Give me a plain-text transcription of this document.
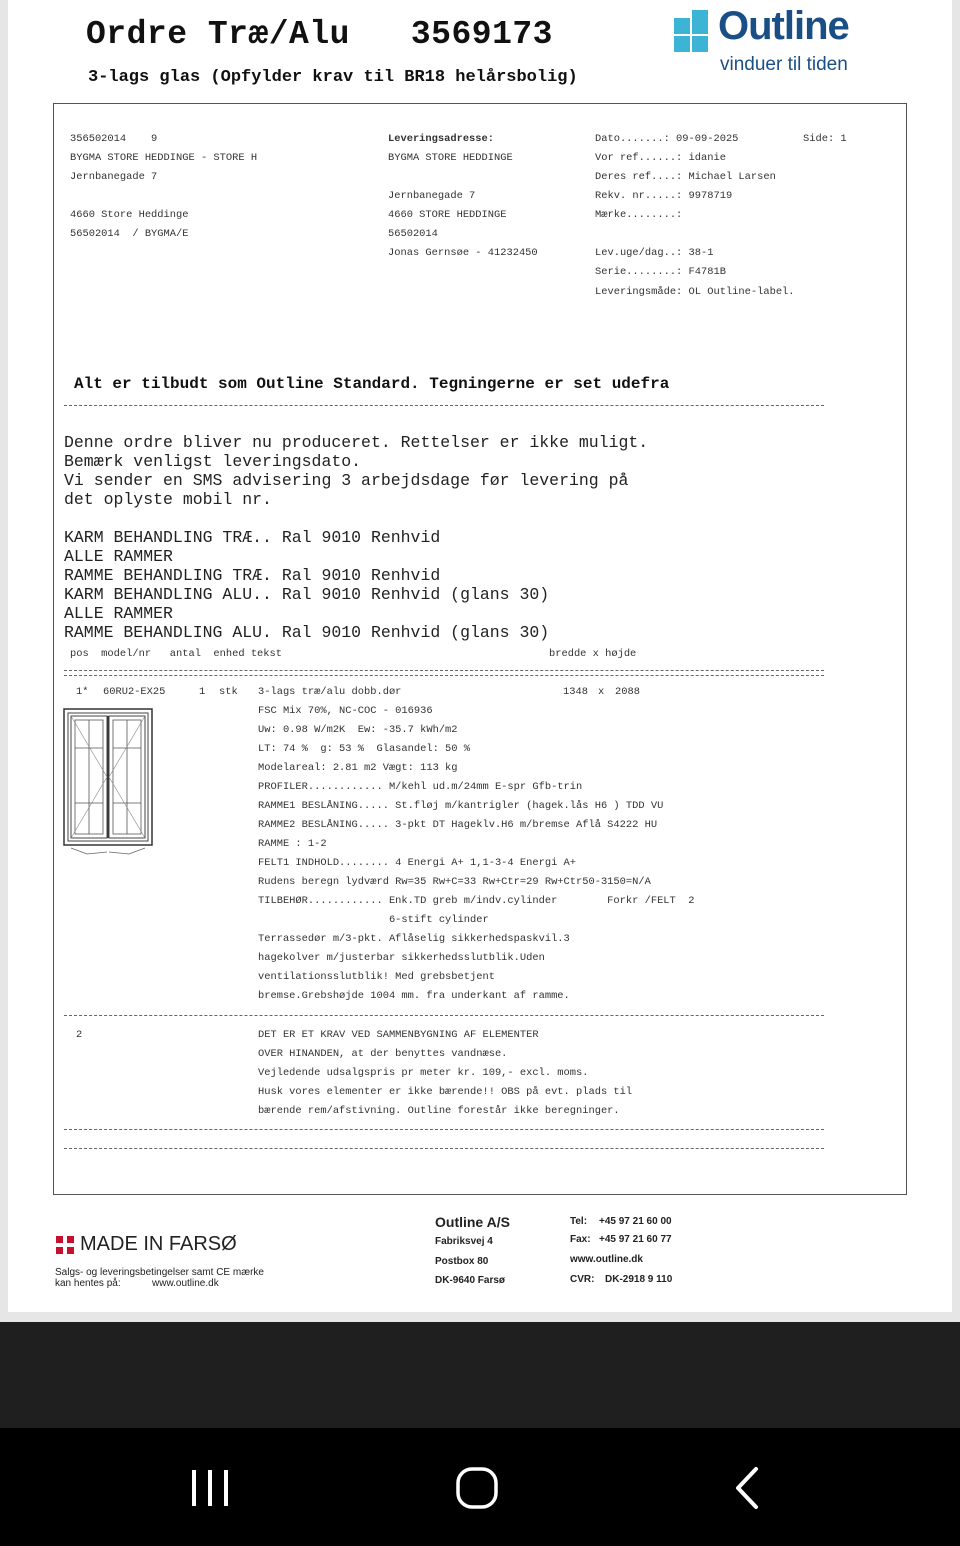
Ordre Træ/Alu   3569173
3-lags glas (Opfylder krav til BR18 helårsbolig)
Outline
vinduer til tiden
356502014    9
BYGMA STORE HEDDINGE - STORE H
Jernbanegade 7
4660 Store Heddinge
56502014  / BYGMA/E
Leveringsadresse:
BYGMA STORE HEDDINGE
Jernbanegade 7
4660 STORE HEDDINGE
56502014
Jonas Gernsøe - 41232450
Dato.......: 09-09-2025	Side: 1
Vor ref......: idanie
Deres ref....: Michael Larsen
Rekv. nr.....: 9978719
Mærke........:
Lev.uge/dag..: 38-1
Serie........: F4781B
Leveringsmåde: OL Outline-label.
Alt er tilbudt som Outline Standard. Tegningerne er set udefra
Denne ordre bliver nu produceret. Rettelser er ikke muligt.
Bemærk venligst leveringsdato.
Vi sender en SMS advisering 3 arbejdsdage før levering på
det oplyste mobil nr.
KARM BEHANDLING TRÆ.. Ral 9010 Renhvid
ALLE RAMMER
RAMME BEHANDLING TRÆ. Ral 9010 Renhvid
KARM BEHANDLING ALU.. Ral 9010 Renhvid (glans 30)
ALLE RAMMER
RAMME BEHANDLING ALU. Ral 9010 Renhvid (glans 30)
pos  model/nr   antal  enhed tekst	bredde x højde
1* 60RU2-EX25	1 stk 3-lags træ/alu dobb.dør	1348 x 2088
FSC Mix 70%, NC-COC - 016936
Uw: 0.98 W/m2K  Ew: -35.7 kWh/m2
LT: 74 %  g: 53 %  Glasandel: 50 %
Modelareal: 2.81 m2 Vægt: 113 kg
PROFILER............ M/kehl ud.m/24mm E-spr Gfb-trin
RAMME1 BESLÅNING..... St.fløj m/kantrigler (hagek.lås H6 ) TDD VU
RAMME2 BESLÅNING..... 3-pkt DT Hageklv.H6 m/bremse Aflå S4222 HU
RAMME : 1-2
FELT1 INDHOLD........ 4 Energi A+ 1,1-3-4 Energi A+
Rudens beregn lydværd Rw=35 Rw+C=33 Rw+Ctr=29 Rw+Ctr50-3150=N/A
TILBEHØR............ Enk.TD greb m/indv.cylinder        Forkr /FELT  2
6-stift cylinder
Terrassedør m/3-pkt. Aflåselig sikkerhedspaskvil.3
hagekolver m/justerbar sikkerhedsslutblik.Uden
ventilationsslutblik! Med grebsbetjent
bremse.Grebshøjde 1004 mm. fra underkant af ramme.
2	DET ER ET KRAV VED SAMMENBYGNING AF ELEMENTER
OVER HINANDEN, at der benyttes vandnæse.
Vejledende udsalgspris pr meter kr. 109,- excl. moms.
Husk vores elementer er ikke bærende!! OBS på evt. plads til
bærende rem/afstivning. Outline forestår ikke beregninger.
MADE IN FARSØ
Salgs- og leveringsbetingelser samt CE mærke
kan hentes på:	www.outline.dk
Outline A/S
Fabriksvej 4
Postbox 80
DK-9640 Farsø
Tel: +45 97 21 60 00
Fax: +45 97 21 60 77
www.outline.dk
CVR: DK-2918 9 110
